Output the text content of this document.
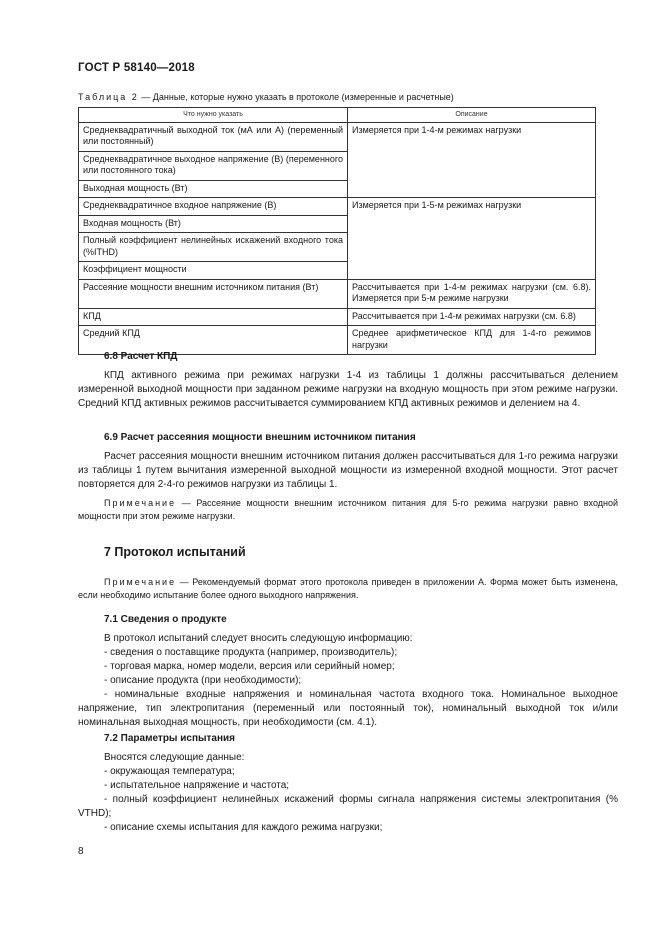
ГОСТ Р 58140—2018
Таблица 2 — Данные, которые нужно указать в протоколе (измеренные и расчетные)
Что нужно указать	Описание
Среднеквадратичный выходной ток (мА или А) (переменный или постоянный)	Измеряется при 1-4-м режимах нагрузки
Среднеквадратичное выходное напряжение (В) (переменного или постоянного тока)	
Выходная мощность (Вт)	
Среднеквадратичное входное напряжение (В)	Измеряется при 1-5-м режимах нагрузки
Входная мощность (Вт)	
Полный коэффициент нелинейных искажений входного тока (%ITHD)	
Коэффициент мощности	
Рассеяние мощности внешним источником питания (Вт)	Рассчитывается при 1-4-м режимах нагрузки (см. 6.8). Измеряется при 5-м режиме нагрузки
КПД	Рассчитывается при 1-4-м режимах нагрузки (см. 6.8)
Средний КПД	Среднее арифметическое КПД для 1-4-го режимов нагрузки
6.8 Расчет КПД

КПД активного режима при режимах нагрузки 1-4 из таблицы 1 должны рассчитываться делением измеренной выходной мощности при заданном режиме нагрузки на входную мощность при этом режиме нагрузки. Средний КПД активных режимов рассчитывается суммированием КПД активных режимов и делением на 4.

6.9 Расчет рассеяния мощности внешним источником питания

Расчет рассеяния мощности внешним источником питания должен рассчитываться для 1-го режима нагрузки из таблицы 1 путем вычитания измеренной выходной мощности из измеренной входной мощности. Этот расчет повторяется для 2-4-го режимов нагрузки из таблицы 1.

Примечание — Рассеяние мощности внешним источником питания для 5-го режима нагрузки равно входной мощности при этом режиме нагрузки.

7 Протокол испытаний

Примечание — Рекомендуемый формат этого протокола приведен в приложении А. Форма может быть изменена, если необходимо испытание более одного выходного напряжения.

7.1 Сведения о продукте
В протокол испытаний следует вносить следующую информацию:
- сведения о поставщике продукта (например, производитель);
- торговая марка, номер модели, версия или серийный номер;
- описание продукта (при необходимости);
- номинальные входные напряжения и номинальная частота входного тока. Номинальное выходное напряжение, тип электропитания (переменный или постоянный ток), номинальный выходной ток и/или номинальная выходная мощность, при необходимости (см. 4.1).
7.2 Параметры испытания
Вносятся следующие данные:
- окружающая температура;
- испытательное напряжение и частота;
- полный коэффициент нелинейных искажений формы сигнала напряжения системы электропитания (% VTHD);
- описание схемы испытания для каждого режима нагрузки;
8
